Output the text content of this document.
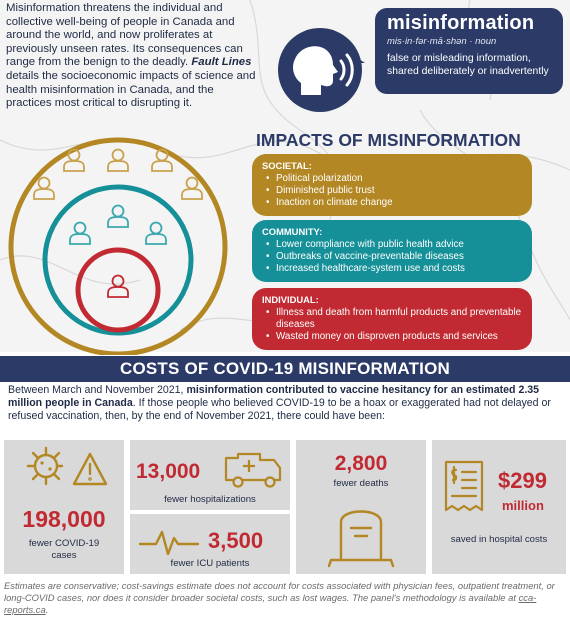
Misinformation threatens the individual and collective well-being of people in Canada and around the world, and now proliferates at previously unseen rates. Its consequences can range from the benign to the deadly. Fault Lines details the socioeconomic impacts of science and health misinformation in Canada, and the practices most critical to disrupting it.

misinformation
mis·in·fər·mā·shən · noun
false or misleading information, shared deliberately or inadvertently
IMPACTS OF MISINFORMATION
SOCIETAL:
• Political polarization
• Diminished public trust
• Inaction on climate change
COMMUNITY:
• Lower compliance with public health advice
• Outbreaks of vaccine-preventable diseases
• Increased healthcare-system use and costs
INDIVIDUAL:
• Illness and death from harmful products and preventable diseases
• Wasted money on disproven products and services
COSTS OF COVID-19 MISINFORMATION

Between March and November 2021, misinformation contributed to vaccine hesitancy for an estimated 2.35 million people in Canada. If those people who believed COVID-19 to be a hoax or exaggerated had not delayed or refused vaccination, then, by the end of November 2021, there could have been:

198,000
fewer COVID-19 cases
13,000
fewer hospitalizations
3,500
fewer ICU patients
2,800
fewer deaths	$299
million
saved in hospital costs

Estimates are conservative; cost-savings estimate does not account for costs associated with physician fees, outpatient treatment, or long-COVID cases, nor does it consider broader societal costs, such as lost wages. The panel's methodology is available at cca-reports.ca.
